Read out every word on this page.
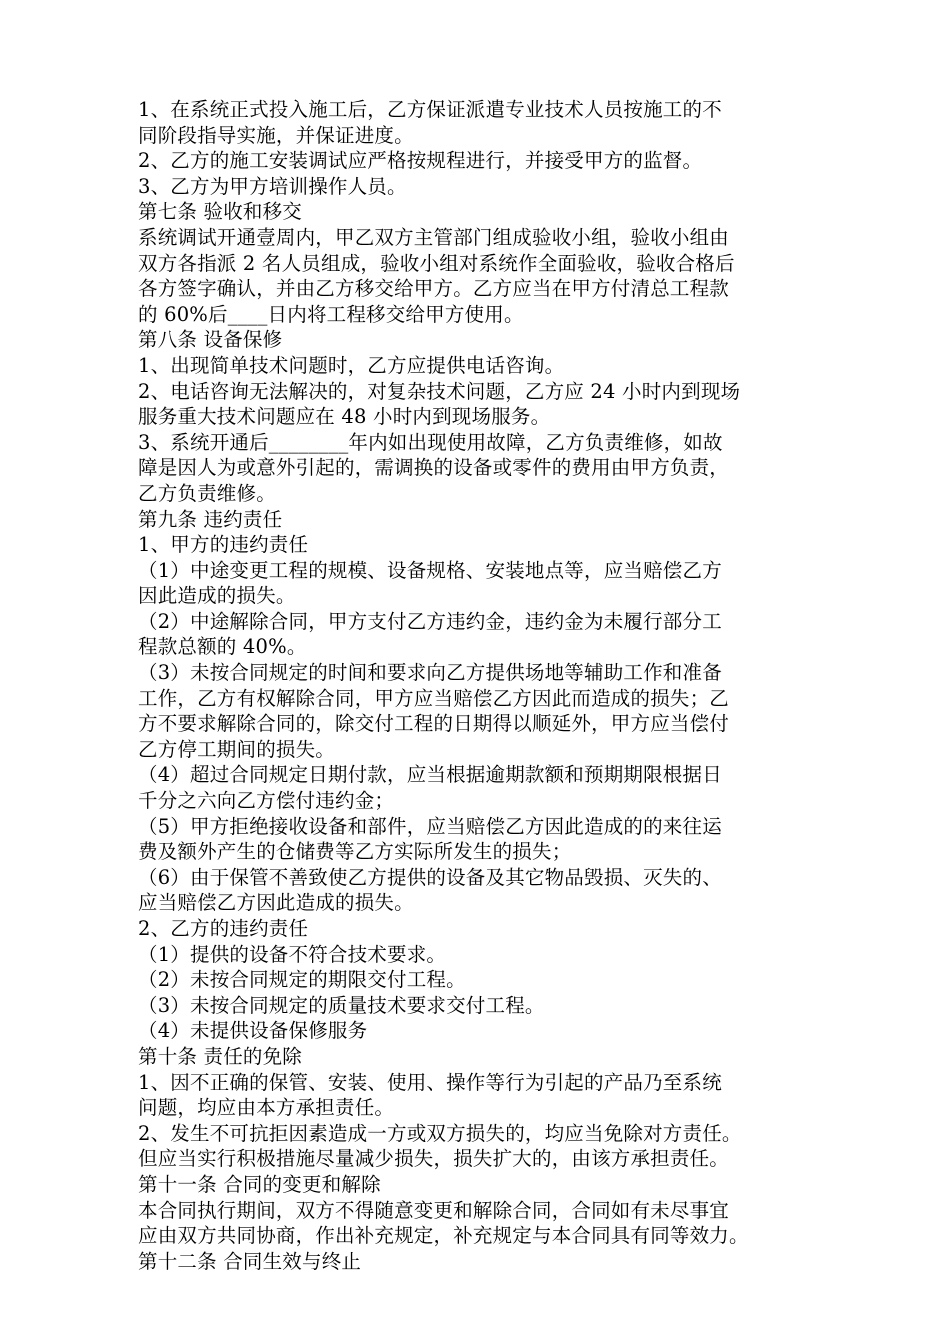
1、在系统正式投入施工后，乙方保证派遣专业技术人员按施工的不
同阶段指导实施，并保证进度。
2、乙方的施工安装调试应严格按规程进行，并接受甲方的监督。
3、乙方为甲方培训操作人员。
第七条 验收和移交
系统调试开通壹周内，甲乙双方主管部门组成验收小组，验收小组由
双方各指派 2 名人员组成，验收小组对系统作全面验收，验收合格后
各方签字确认，并由乙方移交给甲方。乙方应当在甲方付清总工程款
的 60%后____日内将工程移交给甲方使用。
第八条 设备保修
1、出现简单技术问题时，乙方应提供电话咨询。
2、电话咨询无法解决的，对复杂技术问题，乙方应 24 小时内到现场
服务重大技术问题应在 48 小时内到现场服务。
3、系统开通后________年内如出现使用故障，乙方负责维修，如故
障是因人为或意外引起的，需调换的设备或零件的费用由甲方负责，
乙方负责维修。
第九条 违约责任
1、甲方的违约责任
（1）中途变更工程的规模、设备规格、安装地点等，应当赔偿乙方
因此造成的损失。
（2）中途解除合同，甲方支付乙方违约金，违约金为未履行部分工
程款总额的 40%。
（3）未按合同规定的时间和要求向乙方提供场地等辅助工作和准备
工作，乙方有权解除合同，甲方应当赔偿乙方因此而造成的损失；乙
方不要求解除合同的，除交付工程的日期得以顺延外，甲方应当偿付
乙方停工期间的损失。
（4）超过合同规定日期付款，应当根据逾期款额和预期期限根据日
千分之六向乙方偿付违约金；
（5）甲方拒绝接收设备和部件，应当赔偿乙方因此造成的的来往运
费及额外产生的仓储费等乙方实际所发生的损失；
（6）由于保管不善致使乙方提供的设备及其它物品毁损、灭失的、
应当赔偿乙方因此造成的损失。
2、乙方的违约责任
（1）提供的设备不符合技术要求。
（2）未按合同规定的期限交付工程。
（3）未按合同规定的质量技术要求交付工程。
（4）未提供设备保修服务
第十条 责任的免除
1、因不正确的保管、安装、使用、操作等行为引起的产品乃至系统
问题，均应由本方承担责任。
2、发生不可抗拒因素造成一方或双方损失的，均应当免除对方责任。
但应当实行积极措施尽量减少损失，损失扩大的，由该方承担责任。
第十一条 合同的变更和解除
本合同执行期间，双方不得随意变更和解除合同，合同如有未尽事宜
应由双方共同协商，作出补充规定，补充规定与本合同具有同等效力。
第十二条 合同生效与终止
